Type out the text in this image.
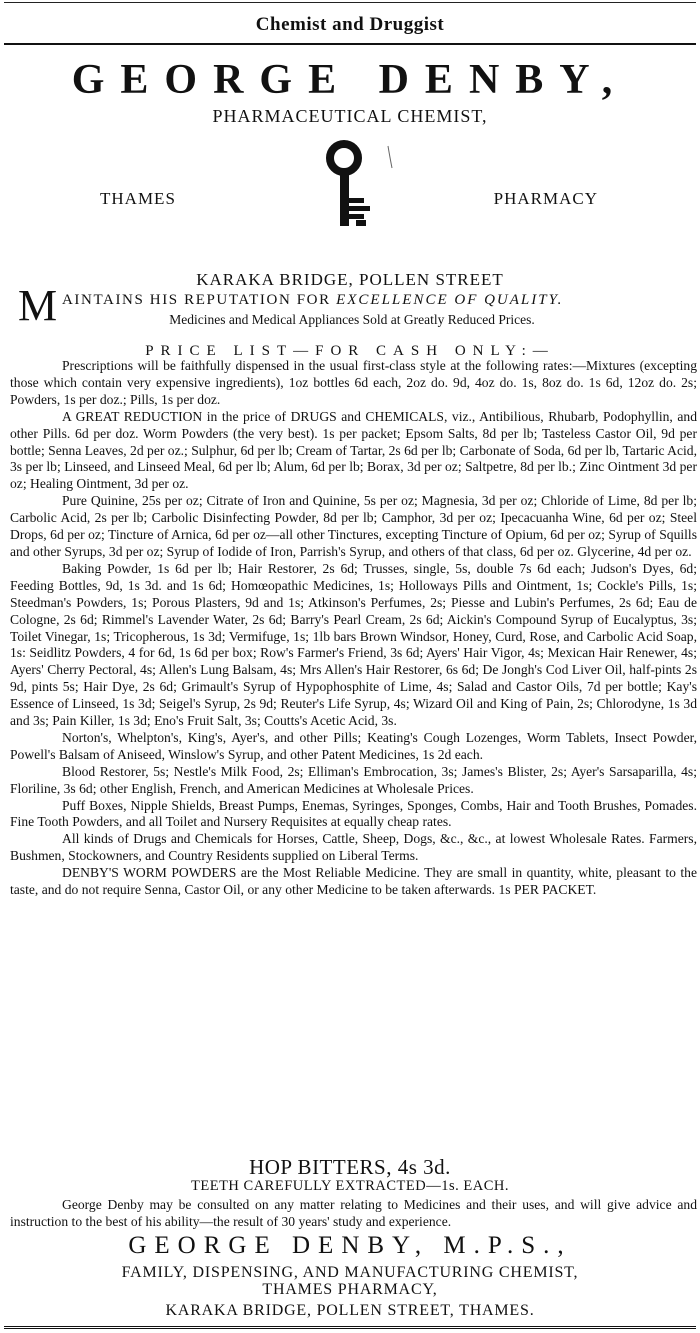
Chemist and Druggist
GEORGE DENBY,
PHARMACEUTICAL CHEMIST,
THAMES	PHARMACY
KARAKA BRIDGE, POLLEN STREET
M AINTAINS HIS REPUTATION FOR EXCELLENCE OF QUALITY.
Medicines and Medical Appliances Sold at Greatly Reduced Prices.
PRICE LIST—FOR CASH ONLY:—

Prescriptions will be faithfully dispensed in the usual first-class style at the following rates:—Mixtures (excepting those which contain very expensive ingredients), 1oz bottles 6d each, 2oz do. 9d, 4oz do. 1s, 8oz do. 1s 6d, 12oz do. 2s; Powders, 1s per doz.; Pills, 1s per doz.

A GREAT REDUCTION in the price of DRUGS and CHEMICALS, viz., Antibilious, Rhubarb, Podophyllin, and other Pills. 6d per doz. Worm Powders (the very best). 1s per packet; Epsom Salts, 8d per lb; Tasteless Castor Oil, 9d per bottle; Senna Leaves, 2d per oz.; Sulphur, 6d per lb; Cream of Tartar, 2s 6d per lb; Carbonate of Soda, 6d per lb, Tartaric Acid, 3s per lb; Linseed, and Linseed Meal, 6d per lb; Alum, 6d per lb; Borax, 3d per oz; Saltpetre, 8d per lb.; Zinc Ointment 3d per oz; Healing Ointment, 3d per oz.

Pure Quinine, 25s per oz; Citrate of Iron and Quinine, 5s per oz; Magnesia, 3d per oz; Chloride of Lime, 8d per lb; Carbolic Acid, 2s per lb; Carbolic Disinfecting Powder, 8d per lb; Camphor, 3d per oz; Ipecacuanha Wine, 6d per oz; Steel Drops, 6d per oz; Tincture of Arnica, 6d per oz—all other Tinctures, excepting Tincture of Opium, 6d per oz; Syrup of Squills and other Syrups, 3d per oz; Syrup of Iodide of Iron, Parrish's Syrup, and others of that class, 6d per oz. Glycerine, 4d per oz.

Baking Powder, 1s 6d per lb; Hair Restorer, 2s 6d; Trusses, single, 5s, double 7s 6d each; Judson's Dyes, 6d; Feeding Bottles, 9d, 1s 3d. and 1s 6d; Homœopathic Medicines, 1s; Holloways Pills and Ointment, 1s; Cockle's Pills, 1s; Steedman's Powders, 1s; Porous Plasters, 9d and 1s; Atkinson's Perfumes, 2s; Piesse and Lubin's Perfumes, 2s 6d; Eau de Cologne, 2s 6d; Rimmel's Lavender Water, 2s 6d; Barry's Pearl Cream, 2s 6d; Aickin's Compound Syrup of Eucalyptus, 3s; Toilet Vinegar, 1s; Tricopherous, 1s 3d; Vermifuge, 1s; 1lb bars Brown Windsor, Honey, Curd, Rose, and Carbolic Acid Soap, 1s: Seidlitz Powders, 4 for 6d, 1s 6d per box; Row's Farmer's Friend, 3s 6d; Ayers' Hair Vigor, 4s; Mexican Hair Renewer, 4s; Ayers' Cherry Pectoral, 4s; Allen's Lung Balsam, 4s; Mrs Allen's Hair Restorer, 6s 6d; De Jongh's Cod Liver Oil, half-pints 2s 9d, pints 5s; Hair Dye, 2s 6d; Grimault's Syrup of Hypophosphite of Lime, 4s; Salad and Castor Oils, 7d per bottle; Kay's Essence of Linseed, 1s 3d; Seigel's Syrup, 2s 9d; Reuter's Life Syrup, 4s; Wizard Oil and King of Pain, 2s; Chlorodyne, 1s 3d and 3s; Pain Killer, 1s 3d; Eno's Fruit Salt, 3s; Coutts's Acetic Acid, 3s.

Norton's, Whelpton's, King's, Ayer's, and other Pills; Keating's Cough Lozenges, Worm Tablets, Insect Powder, Powell's Balsam of Aniseed, Winslow's Syrup, and other Patent Medicines, 1s 2d each.

Blood Restorer, 5s; Nestle's Milk Food, 2s; Elliman's Embrocation, 3s; James's Blister, 2s; Ayer's Sarsaparilla, 4s; Floriline, 3s 6d; other English, French, and American Medicines at Wholesale Prices.

Puff Boxes, Nipple Shields, Breast Pumps, Enemas, Syringes, Sponges, Combs, Hair and Tooth Brushes, Pomades. Fine Tooth Powders, and all Toilet and Nursery Requisites at equally cheap rates.

All kinds of Drugs and Chemicals for Horses, Cattle, Sheep, Dogs, &c., &c., at lowest Wholesale Rates. Farmers, Bushmen, Stockowners, and Country Residents supplied on Liberal Terms.

DENBY'S WORM POWDERS are the Most Reliable Medicine. They are small in quantity, white, pleasant to the taste, and do not require Senna, Castor Oil, or any other Medicine to be taken afterwards. 1s PER PACKET.

HOP BITTERS, 4s 3d.
TEETH CAREFULLY EXTRACTED—1s. EACH.

George Denby may be consulted on any matter relating to Medicines and their uses, and will give advice and instruction to the best of his ability—the result of 30 years' study and experience.

GEORGE DENBY, M.P.S.,
FAMILY, DISPENSING, AND MANUFACTURING CHEMIST,
THAMES PHARMACY,
KARAKA BRIDGE, POLLEN STREET, THAMES.
